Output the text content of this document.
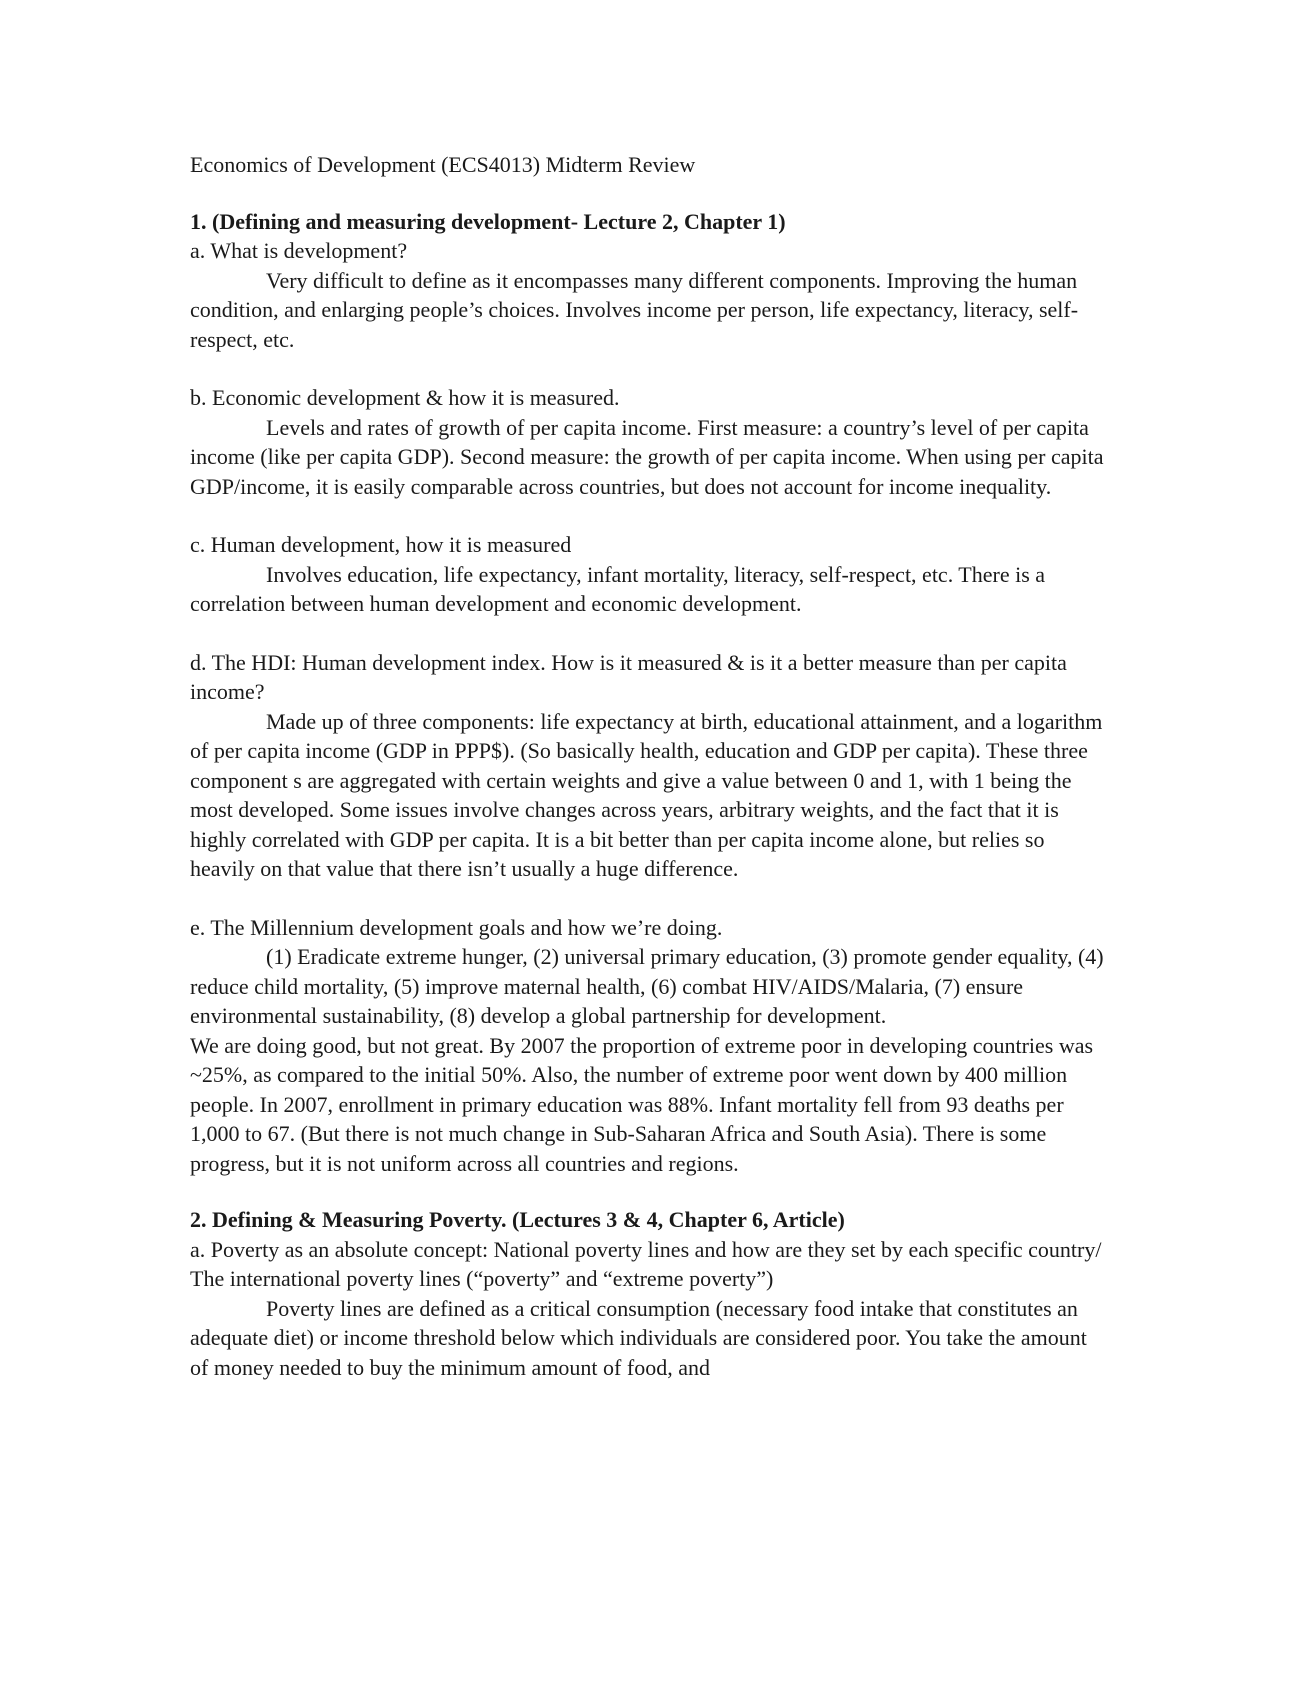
Economics of Development (ECS4013) Midterm Review

1. (Defining and measuring development- Lecture 2, Chapter 1)

a. What is development?

Very difficult to define as it encompasses many different components. Improving the human condition, and enlarging people’s choices. Involves income per person, life expectancy, literacy, self-respect, etc.

b. Economic development & how it is measured.

Levels and rates of growth of per capita income. First measure: a country’s level of per capita income (like per capita GDP). Second measure: the growth of per capita income. When using per capita GDP/income, it is easily comparable across countries, but does not account for income inequality.

c. Human development, how it is measured

Involves education, life expectancy, infant mortality, literacy, self-respect, etc. There is a correlation between human development and economic development.

d. The HDI: Human development index. How is it measured & is it a better measure than per capita income?

Made up of three components: life expectancy at birth, educational attainment, and a logarithm of per capita income (GDP in PPP$). (So basically health, education and GDP per capita). These three component s are aggregated with certain weights and give a value between 0 and 1, with 1 being the most developed. Some issues involve changes across years, arbitrary weights, and the fact that it is highly correlated with GDP per capita. It is a bit better than per capita income alone, but relies so heavily on that value that there isn’t usually a huge difference.

e. The Millennium development goals and how we’re doing.

(1) Eradicate extreme hunger, (2) universal primary education, (3) promote gender equality, (4) reduce child mortality, (5) improve maternal health, (6) combat HIV/AIDS/Malaria, (7) ensure environmental sustainability, (8) develop a global partnership for development.

We are doing good, but not great. By 2007 the proportion of extreme poor in developing countries was ~25%, as compared to the initial 50%. Also, the number of extreme poor went down by 400 million people. In 2007, enrollment in primary education was 88%. Infant mortality fell from 93 deaths per 1,000 to 67. (But there is not much change in Sub-Saharan Africa and South Asia). There is some progress, but it is not uniform across all countries and regions.

2. Defining & Measuring Poverty. (Lectures 3 & 4, Chapter 6, Article)

a. Poverty as an absolute concept: National poverty lines and how are they set by each specific country/ The international poverty lines (“poverty” and “extreme poverty”)

Poverty lines are defined as a critical consumption (necessary food intake that constitutes an adequate diet) or income threshold below which individuals are considered poor. You take the amount of money needed to buy the minimum amount of food, and
